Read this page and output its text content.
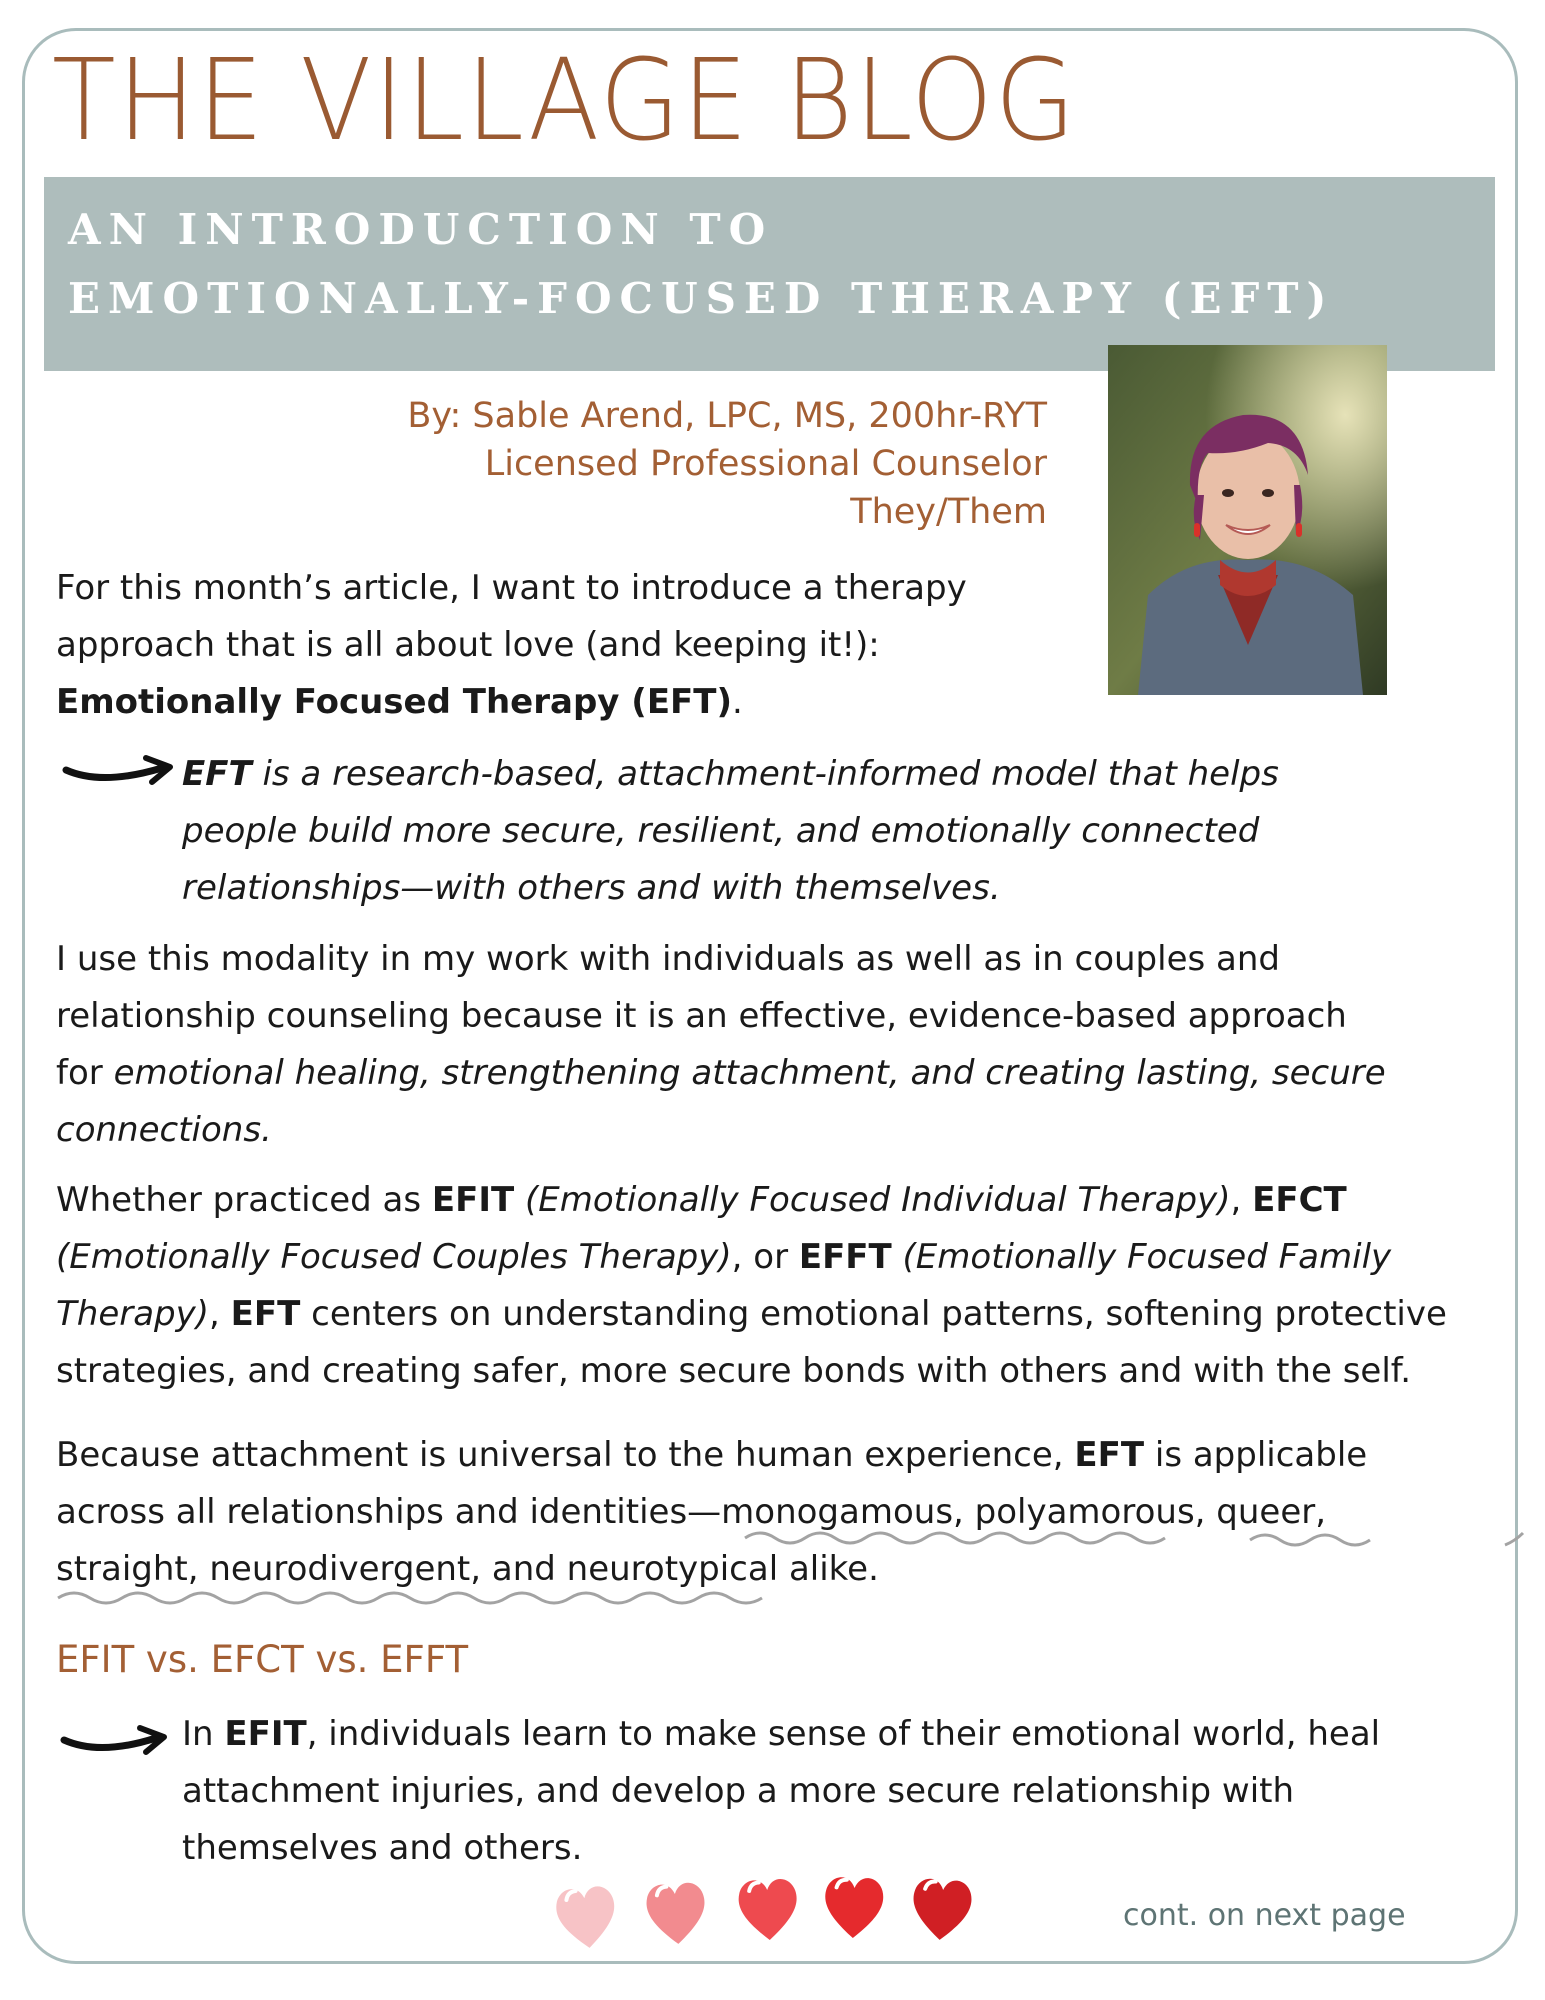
THE VILLAGE BLOG
AN INTRODUCTION TO
EMOTIONALLY-FOCUSED THERAPY (EFT)
By: Sable Arend, LPC, MS, 200hr-RYT
Licensed Professional Counselor
They/Them
For this month’s article, I want to introduce a therapy
approach that is all about love (and keeping it!):
Emotionally Focused Therapy (EFT).
EFT is a research-based, attachment-informed model that helps
people build more secure, resilient, and emotionally connected
relationships—with others and with themselves.
I use this modality in my work with individuals as well as in couples and
relationship counseling because it is an effective, evidence-based approach
for emotional healing, strengthening attachment, and creating lasting, secure
connections.
Whether practiced as EFIT (Emotionally Focused Individual Therapy), EFCT
(Emotionally Focused Couples Therapy), or EFFT (Emotionally Focused Family
Therapy), EFT centers on understanding emotional patterns, softening protective
strategies, and creating safer, more secure bonds with others and with the self.
Because attachment is universal to the human experience, EFT is applicable
across all relationships and identities—monogamous, polyamorous, queer,
straight, neurodivergent, and neurotypical alike.
EFIT vs. EFCT vs. EFFT
In EFIT, individuals learn to make sense of their emotional world, heal
attachment injuries, and develop a more secure relationship with
themselves and others.
cont. on next page
